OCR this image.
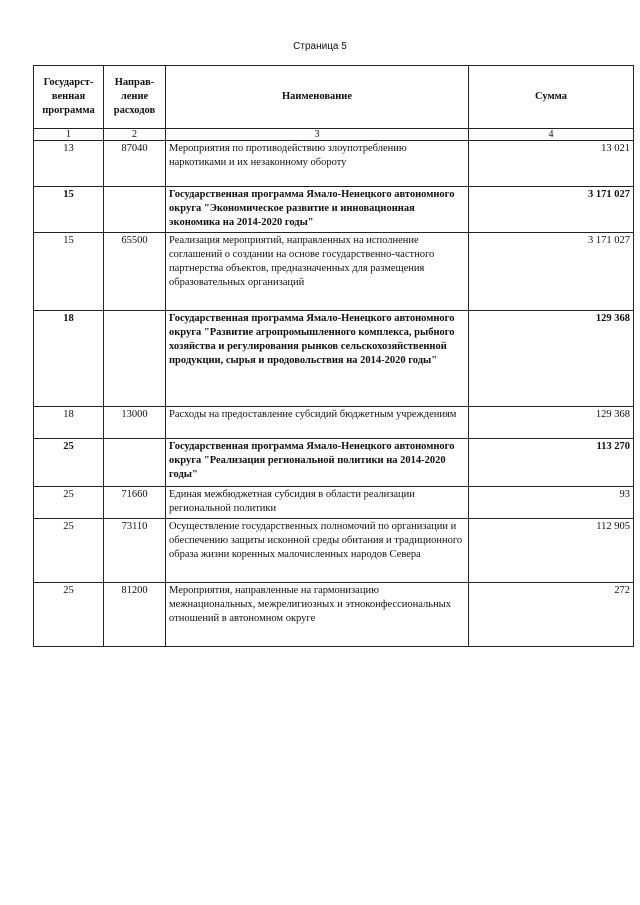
Страница 5
Государст-венная программа	Направ-ление расходов	Наименование	Сумма
1	2	3	4
13	87040	Мероприятия по противодействию злоупотреблению наркотиками и их незаконному обороту	13 021
15		Государственная программа Ямало-Ненецкого автономного округа "Экономическое развитие и инновационная экономика на 2014-2020 годы"	3 171 027
15	65500	Реализация мероприятий, направленных на исполнение соглашений о создании на основе государственно-частного партнерства объектов, предназначенных для размещения образовательных организаций	3 171 027
18		Государственная программа Ямало-Ненецкого автономного округа "Развитие агропромышленного комплекса, рыбного хозяйства и регулирования рынков сельскохозяйственной продукции, сырья и продовольствия на 2014-2020 годы"	129 368
18	13000	Расходы на предоставление субсидий бюджетным учреждениям	129 368
25		Государственная программа Ямало-Ненецкого автономного округа "Реализация региональной политики на 2014-2020 годы"	113 270
25	71660	Единая межбюджетная субсидия в области реализации региональной политики	93
25	73110	Осуществление государственных полномочий по организации и обеспечению защиты исконной среды обитания и традиционного образа жизни коренных малочисленных народов Севера	112 905
25	81200	Мероприятия, направленные на гармонизацию межнациональных, межрелигиозных и этноконфессиональных отношений в автономном округе	272
